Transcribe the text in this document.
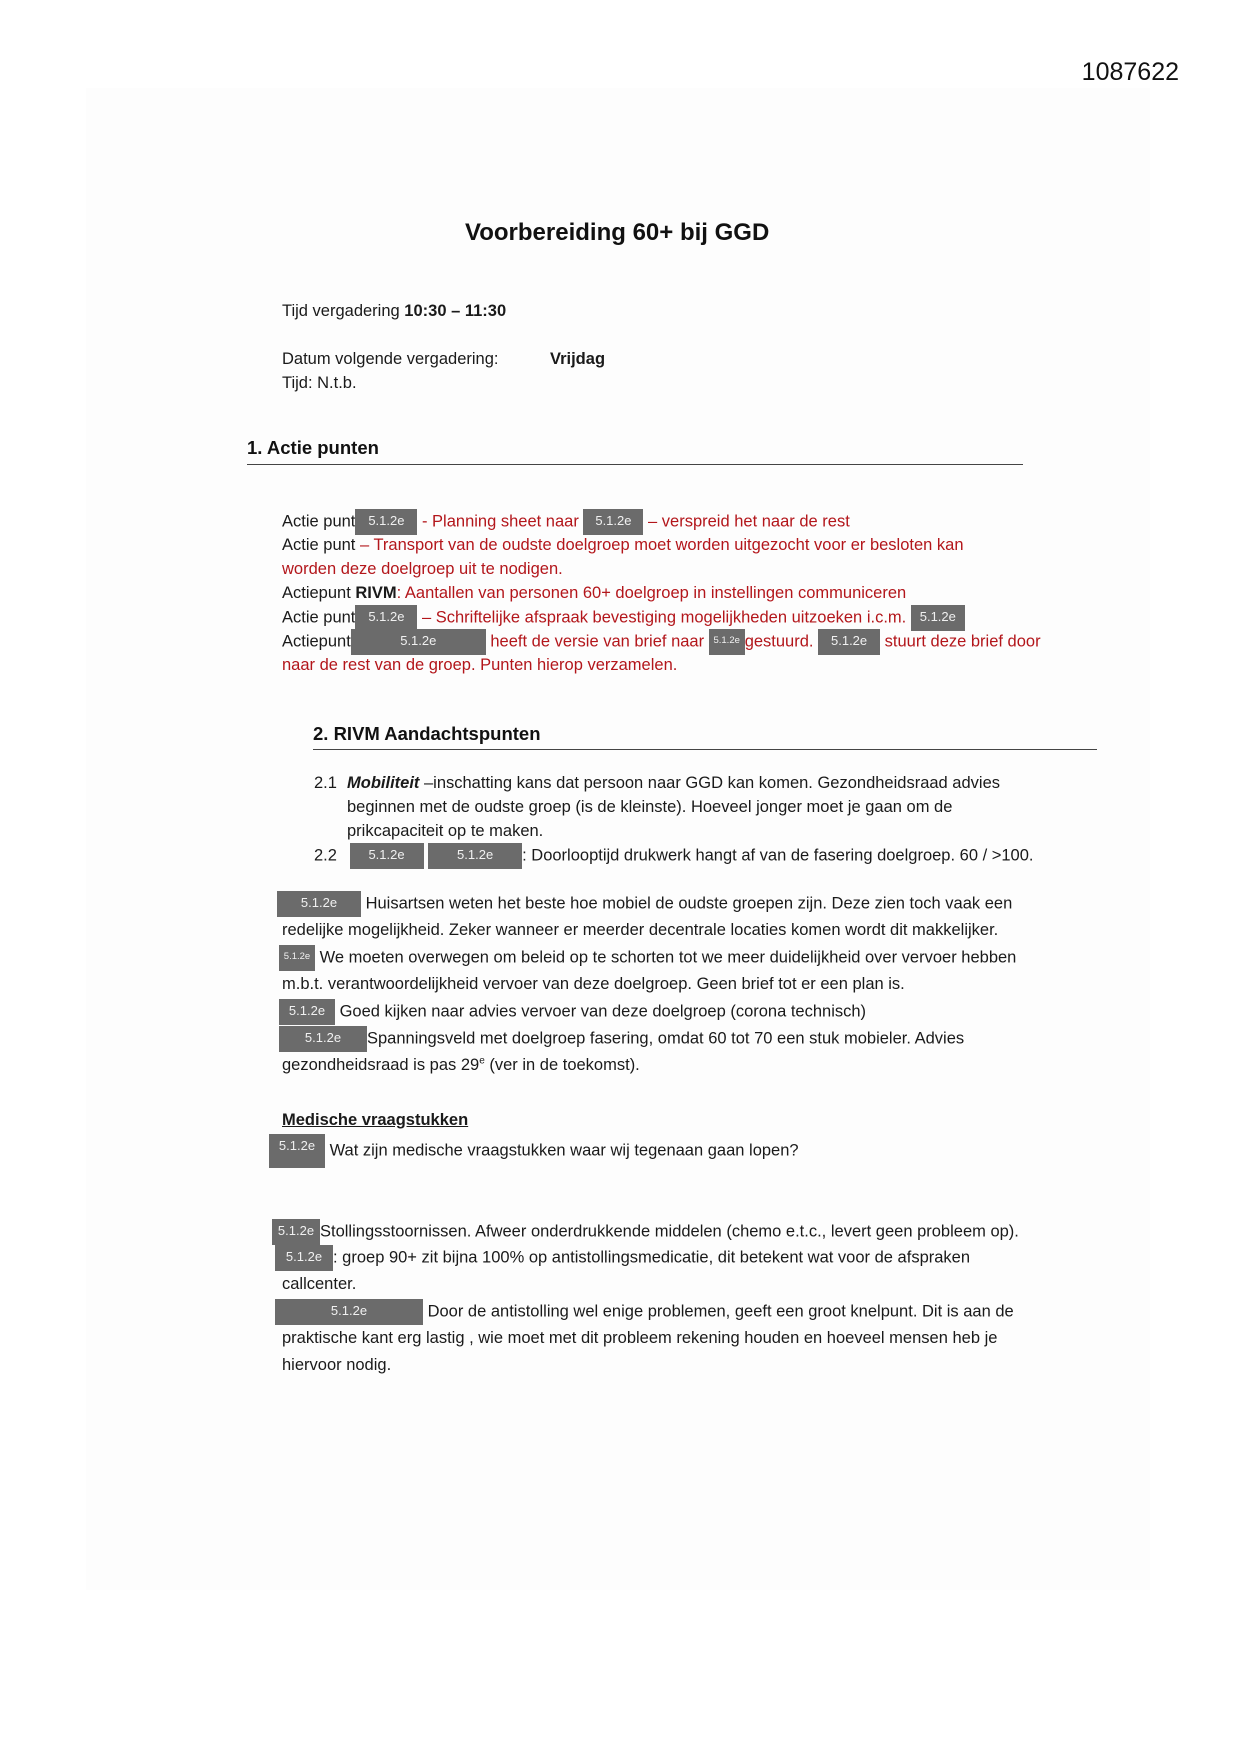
1087622
Voorbereiding 60+ bij GGD
Tijd vergadering 10:30 – 11:30
Datum volgende vergadering:	Vrijdag
Tijd: N.t.b.
1. Actie punten
Actie punt 5.1.2e - Planning sheet naar 5.1.2e – verspreid het naar de rest
Actie punt – Transport van de oudste doelgroep moet worden uitgezocht voor er besloten kan
worden deze doelgroep uit te nodigen.
Actiepunt RIVM: Aantallen van personen 60+ doelgroep in instellingen communiceren
Actie punt 5.1.2e – Schriftelijke afspraak bevestiging mogelijkheden uitzoeken i.c.m. 5.1.2e
Actiepunt	5.1.2e	heeft de versie van brief naar 5.1.2e gestuurd. 5.1.2e stuurt deze brief door
naar de rest van de groep. Punten hierop verzamelen.
2. RIVM Aandachtspunten
2.1 Mobiliteit –inschatting kans dat persoon naar GGD kan komen. Gezondheidsraad advies
beginnen met de oudste groep (is de kleinste). Hoeveel jonger moet je gaan om de
prikcapaciteit op te maken.
2.2 5.1.2e	5.1.2e : Doorlooptijd drukwerk hangt af van de fasering doelgroep. 60 / >100.
5.1.2e Huisartsen weten het beste hoe mobiel de oudste groepen zijn. Deze zien toch vaak een
redelijke mogelijkheid. Zeker wanneer er meerder decentrale locaties komen wordt dit makkelijker.
5.1.2e We moeten overwegen om beleid op te schorten tot we meer duidelijkheid over vervoer hebben
m.b.t. verantwoordelijkheid vervoer van deze doelgroep. Geen brief tot er een plan is.
5.1.2e Goed kijken naar advies vervoer van deze doelgroep (corona technisch)
5.1.2e Spanningsveld met doelgroep fasering, omdat 60 tot 70 een stuk mobieler. Advies
gezondheidsraad is pas 29e (ver in de toekomst).
Medische vraagstukken
5.1.2e Wat zijn medische vraagstukken waar wij tegenaan gaan lopen?
5.1.2e Stollingsstoornissen. Afweer onderdrukkende middelen (chemo e.t.c., levert geen probleem op).
5.1.2e : groep 90+ zit bijna 100% op antistollingsmedicatie, dit betekent wat voor de afspraken
callcenter.
5.1.2e	Door de antistolling wel enige problemen, geeft een groot knelpunt. Dit is aan de
praktische kant erg lastig , wie moet met dit probleem rekening houden en hoeveel mensen heb je
hiervoor nodig.
